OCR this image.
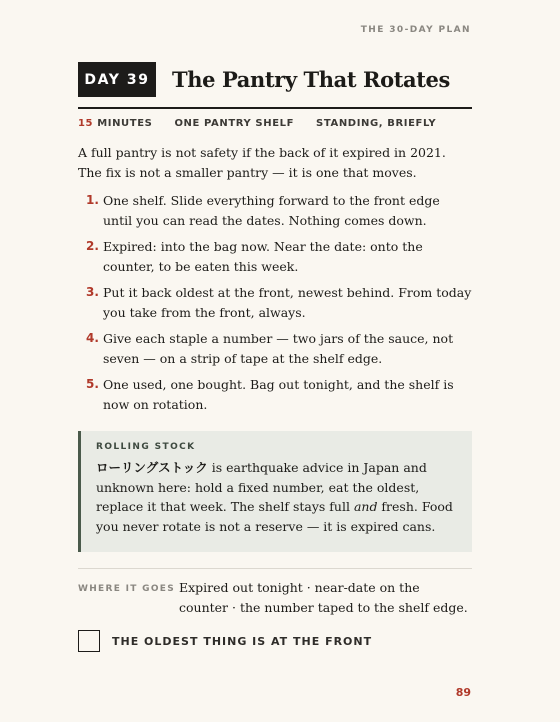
THE 30-DAY PLAN
DAY 39	The Pantry That Rotates
15 MINUTES ONE PANTRY SHELF STANDING, BRIEFLY

A full pantry is not safety if the back of it expired in 2021. The fix is not a smaller pantry — it is one that moves.

1. One shelf. Slide everything forward to the front edge until you can read the dates. Nothing comes down.
2. Expired: into the bag now. Near the date: onto the counter, to be eaten this week.
3. Put it back oldest at the front, newest behind. From today you take from the front, always.
4. Give each staple a number — two jars of the sauce, not seven — on a strip of tape at the shelf edge.
5. One used, one bought. Bag out tonight, and the shelf is now on rotation.
ROLLING STOCK
ローリングストック is earthquake advice in Japan and unknown here: hold a fixed number, eat the oldest, replace it that week. The shelf stays full and fresh. Food you never rotate is not a reserve — it is expired cans.
WHERE IT GOES Expired out tonight · near-date on the counter · the number taped to the shelf edge.
THE OLDEST THING IS AT THE FRONT
89
